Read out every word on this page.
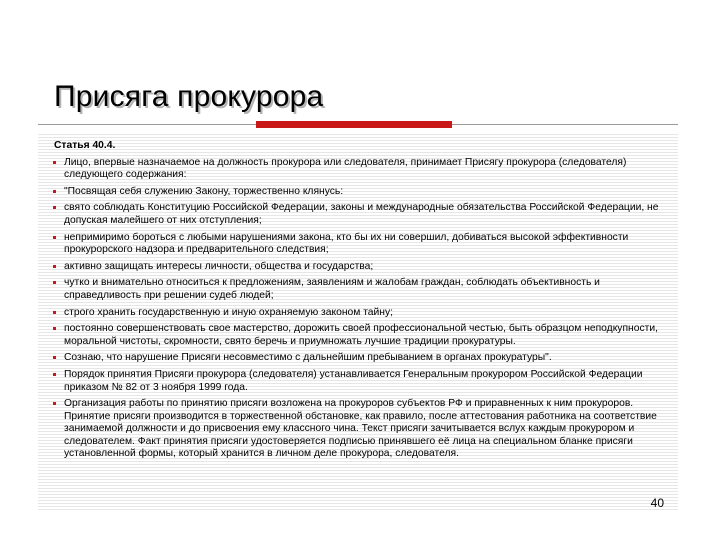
Присяга прокурора
Статья 40.4.
Лицо, впервые назначаемое на должность прокурора или следователя, принимает Присягу прокурора (следователя) следующего содержания:
"Посвящая себя служению Закону, торжественно клянусь:
свято соблюдать Конституцию Российской Федерации, законы и международные обязательства Российской Федерации, не допуская малейшего от них отступления;
непримиримо бороться с любыми нарушениями закона, кто бы их ни совершил, добиваться высокой эффективности прокурорского надзора и предварительного следствия;
активно защищать интересы личности, общества и государства;
чутко и внимательно относиться к предложениям, заявлениям и жалобам граждан, соблюдать объективность и справедливость при решении судеб людей;
строго хранить государственную и иную охраняемую законом тайну;
постоянно совершенствовать свое мастерство, дорожить своей профессиональной честью, быть образцом неподкупности, моральной чистоты, скромности, свято беречь и приумножать лучшие традиции прокуратуры.
Сознаю, что нарушение Присяги несовместимо с дальнейшим пребыванием в органах прокуратуры".
Порядок принятия Присяги прокурора (следователя) устанавливается Генеральным прокурором Российской Федерации приказом № 82 от 3 ноября 1999 года.
Организация работы по принятию присяги возложена на прокуроров субъектов РФ и приравненных к ним прокуроров. Принятие присяги производится в торжественной обстановке, как правило, после аттестования работника на соответствие занимаемой должности и до присвоения ему классного чина. Текст присяги зачитывается вслух каждым прокурором и следователем. Факт принятия присяги удостоверяется подписью принявшего её лица на специальном бланке присяги установленной формы, который хранится в личном деле прокурора, следователя.
40
